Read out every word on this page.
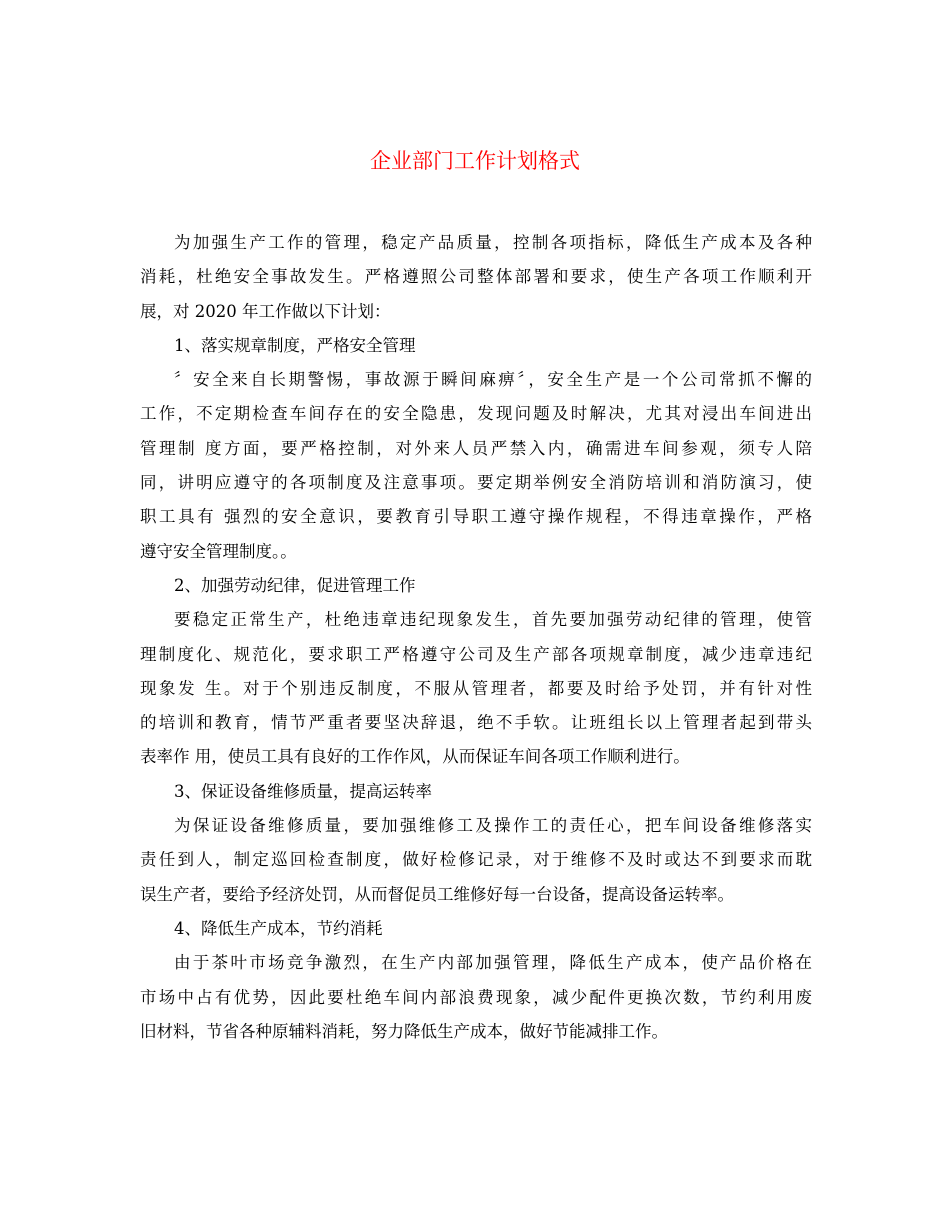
企业部门工作计划格式
为加强生产工作的管理，稳定产品质量，控制各项指标，降低生产成本及各种
消耗，杜绝安全事故发生。严格遵照公司整体部署和要求，使生产各项工作顺利开
展，对 2020 年工作做以下计划：
1、落实规章制度，严格安全管理
〞安全来自长期警惕，事故源于瞬间麻痹〞，安全生产是一个公司常抓不懈的
工作，不定期检查车间存在的安全隐患，发现问题及时解决，尤其对浸出车间进出
管理制 度方面，要严格控制，对外来人员严禁入内，确需进车间参观，须专人陪
同，讲明应遵守的各项制度及注意事项。要定期举例安全消防培训和消防演习，使
职工具有 强烈的安全意识，要教育引导职工遵守操作规程，不得违章操作，严格
遵守安全管理制度。。
2、加强劳动纪律，促进管理工作
要稳定正常生产，杜绝违章违纪现象发生，首先要加强劳动纪律的管理，使管
理制度化、规范化，要求职工严格遵守公司及生产部各项规章制度，减少违章违纪
现象发 生。对于个别违反制度，不服从管理者，都要及时给予处罚，并有针对性
的培训和教育，情节严重者要坚决辞退，绝不手软。让班组长以上管理者起到带头
表率作 用，使员工具有良好的工作作风，从而保证车间各项工作顺利进行。
3、保证设备维修质量，提高运转率
为保证设备维修质量，要加强维修工及操作工的责任心，把车间设备维修落实
责任到人，制定巡回检查制度，做好检修记录，对于维修不及时或达不到要求而耽
误生产者，要给予经济处罚，从而督促员工维修好每一台设备，提高设备运转率。
4、降低生产成本，节约消耗
由于茶叶市场竞争激烈，在生产内部加强管理，降低生产成本，使产品价格在
市场中占有优势，因此要杜绝车间内部浪费现象，减少配件更换次数，节约利用废
旧材料，节省各种原辅料消耗，努力降低生产成本，做好节能减排工作。
